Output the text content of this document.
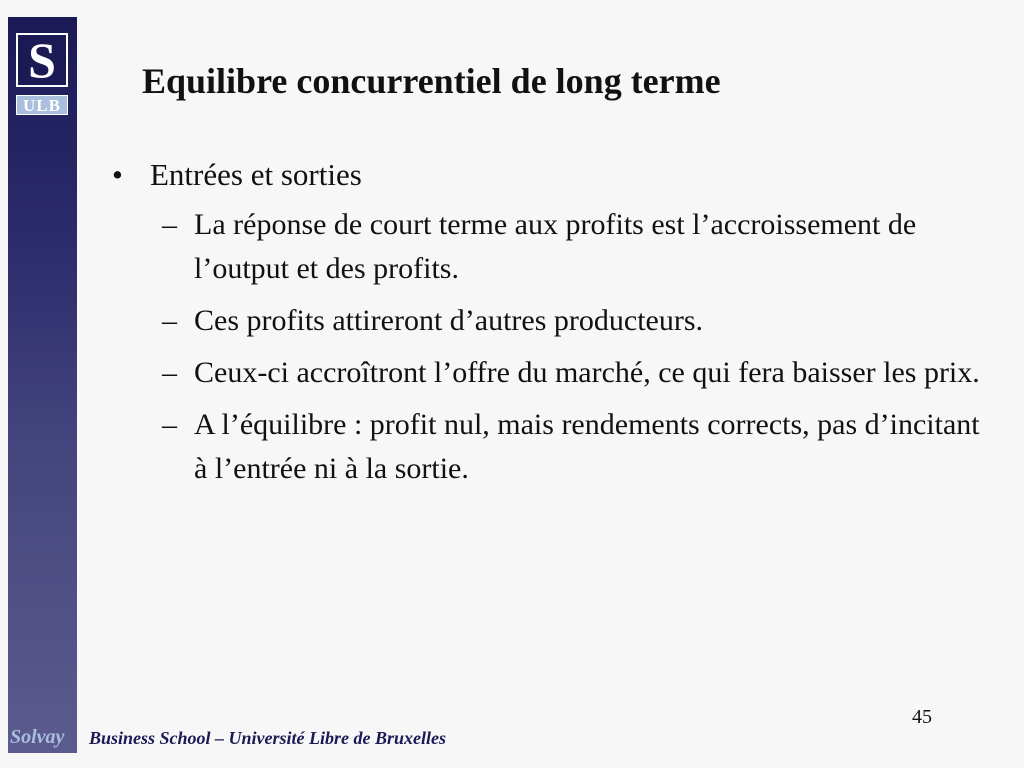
S
ULB
Equilibre concurrentiel de long terme
• Entrées et sorties
– La réponse de court terme aux profits est l’accroissement de l’output et des profits.
– Ces profits attireront d’autres producteurs.
– Ceux-ci accroîtront l’offre du marché, ce qui fera baisser les prix.
– A l’équilibre : profit nul, mais rendements corrects, pas d’incitant à l’entrée ni à la sortie.
45
Solvay Business School – Université Libre de Bruxelles
